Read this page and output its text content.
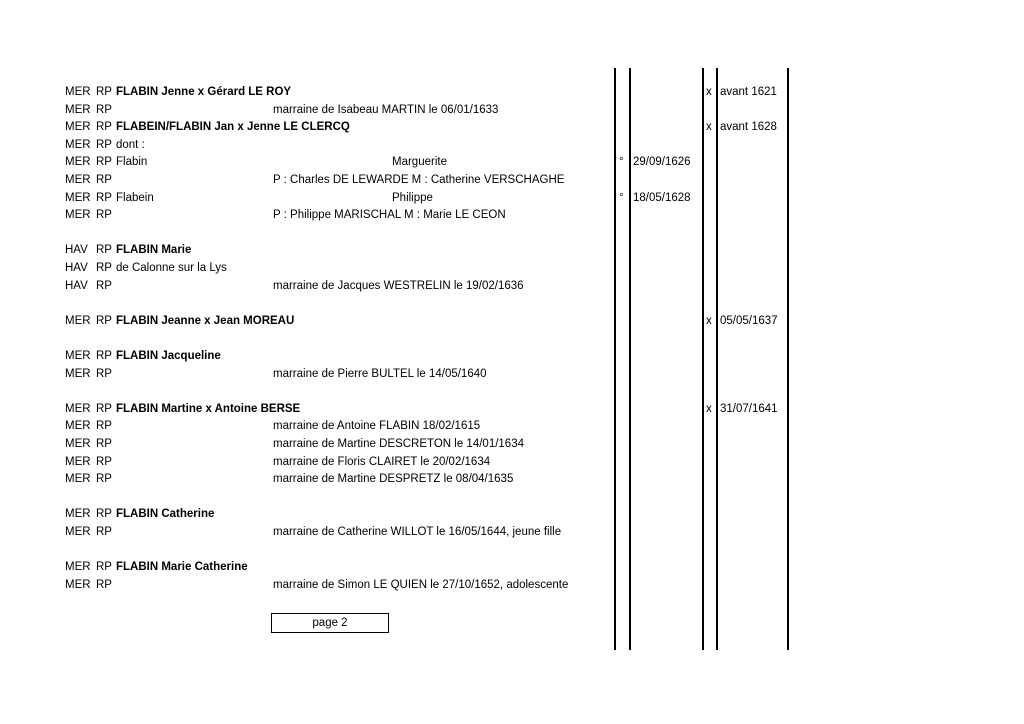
MER RP FLABIN Jenne x Gérard LE ROY	x avant 1621
MER RP	marraine de Isabeau MARTIN le 06/01/1633
MER RP FLABEIN/FLABIN Jan x Jenne LE CLERCQ	x avant 1628
MER RP dont :
MER RP Flabin	Marguerite	° 29/09/1626
MER RP	P : Charles DE LEWARDE M : Catherine VERSCHAGHE
MER RP Flabein	Philippe	° 18/05/1628
MER RP	P : Philippe MARISCHAL M : Marie LE CEON
HAV RP FLABIN Marie
HAV RP de Calonne sur la Lys
HAV RP	marraine de Jacques WESTRELIN le 19/02/1636
MER RP FLABIN Jeanne x Jean MOREAU	x 05/05/1637
MER RP FLABIN Jacqueline
MER RP	marraine de Pierre BULTEL le 14/05/1640
MER RP FLABIN Martine x Antoine BERSE	x 31/07/1641
MER RP	marraine de Antoine FLABIN 18/02/1615
MER RP	marraine de Martine DESCRETON le 14/01/1634
MER RP	marraine de Floris CLAIRET le 20/02/1634
MER RP	marraine de Martine DESPRETZ le 08/04/1635
MER RP FLABIN Catherine
MER RP	marraine de Catherine WILLOT le 16/05/1644, jeune fille
MER RP FLABIN Marie Catherine
MER RP	marraine de Simon LE QUIEN le 27/10/1652, adolescente
page 2
